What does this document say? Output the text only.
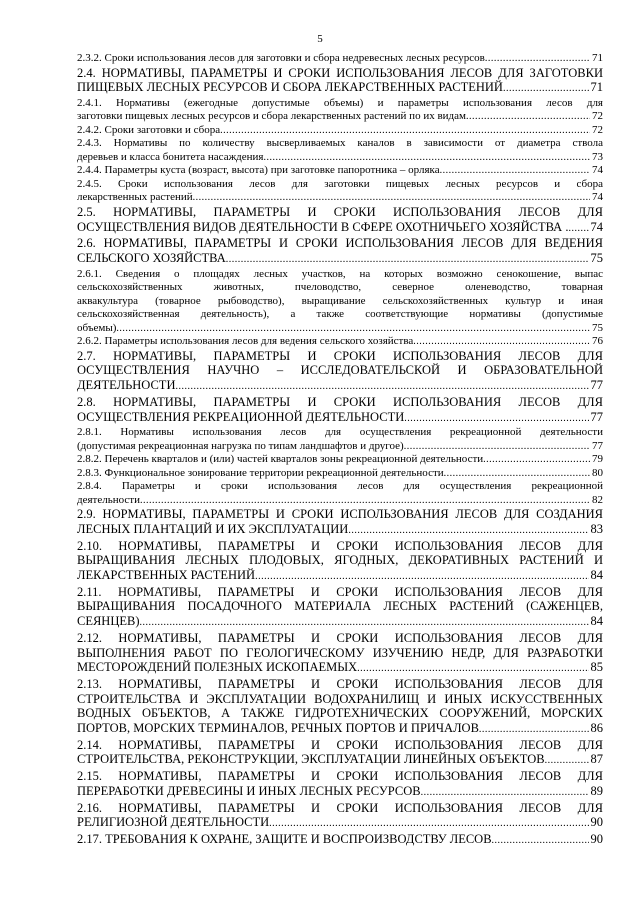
5
2.3.2. Сроки использования лесов для заготовки и сбора недревесных лесных ресурсов .....	71
2.4. НОРМАТИВЫ, ПАРАМЕТРЫ И СРОКИ ИСПОЛЬЗОВАНИЯ ЛЕСОВ ДЛЯ ЗАГОТОВКИ
ПИЩЕВЫХ ЛЕСНЫХ РЕСУРСОВ И СБОРА ЛЕКАРСТВЕННЫХ РАСТЕНИЙ .....	71
2.4.1. Нормативы (ежегодные допустимые объемы) и параметры использования лесов для
заготовки пищевых лесных ресурсов и сбора лекарственных растений по их видам .....	72
2.4.2. Сроки заготовки и сбора .....	72
2.4.3. Нормативы по количеству высверливаемых каналов в зависимости от диаметра ствола
деревьев и класса бонитета насаждения .....	73
2.4.4. Параметры куста (возраст, высота) при заготовке папоротника – орляка .....	74
2.4.5. Сроки использования лесов для заготовки пищевых лесных ресурсов и сбора
лекарственных растений .....	74
2.5. НОРМАТИВЫ, ПАРАМЕТРЫ И СРОКИ ИСПОЛЬЗОВАНИЯ ЛЕСОВ ДЛЯ
ОСУЩЕСТВЛЕНИЯ ВИДОВ ДЕЯТЕЛЬНОСТИ В СФЕРЕ ОХОТНИЧЬЕГО ХОЗЯЙСТВА . ..... 74
2.6. НОРМАТИВЫ, ПАРАМЕТРЫ И СРОКИ ИСПОЛЬЗОВАНИЯ ЛЕСОВ ДЛЯ ВЕДЕНИЯ
СЕЛЬСКОГО ХОЗЯЙСТВА .....	75
2.6.1. Сведения о площадях лесных участков, на которых возможно сенокошение, выпас
сельскохозяйственных животных, пчеловодство, северное оленеводство, товарная
аквакультура (товарное рыбоводство), выращивание сельскохозяйственных культур и иная
сельскохозяйственная деятельность), а также соответствующие нормативы (допустимые
объемы) .....	75
2.6.2. Параметры использования лесов для ведения сельского хозяйства .....	76
2.7. НОРМАТИВЫ, ПАРАМЕТРЫ И СРОКИ ИСПОЛЬЗОВАНИЯ ЛЕСОВ ДЛЯ
ОСУЩЕСТВЛЕНИЯ НАУЧНО – ИССЛЕДОВАТЕЛЬСКОЙ И ОБРАЗОВАТЕЛЬНОЙ
ДЕЯТЕЛЬНОСТИ .....	77
2.8. НОРМАТИВЫ, ПАРАМЕТРЫ И СРОКИ ИСПОЛЬЗОВАНИЯ ЛЕСОВ ДЛЯ
ОСУЩЕСТВЛЕНИЯ РЕКРЕАЦИОННОЙ ДЕЯТЕЛЬНОСТИ .....	77
2.8.1. Нормативы использования лесов для осуществления рекреационной деятельности
(допустимая рекреационная нагрузка по типам ландшафтов и другое) .....	77
2.8.2. Перечень кварталов и (или) частей кварталов зоны рекреационной деятельности .....	79
2.8.3. Функциональное зонирование территории рекреационной деятельности .....	80
2.8.4. Параметры и сроки использования лесов для осуществления рекреационной
деятельности .....	82
2.9. НОРМАТИВЫ, ПАРАМЕТРЫ И СРОКИ ИСПОЛЬЗОВАНИЯ ЛЕСОВ ДЛЯ СОЗДАНИЯ
ЛЕСНЫХ ПЛАНТАЦИЙ И ИХ ЭКСПЛУАТАЦИИ .....	83
2.10. НОРМАТИВЫ, ПАРАМЕТРЫ И СРОКИ ИСПОЛЬЗОВАНИЯ ЛЕСОВ ДЛЯ
ВЫРАЩИВАНИЯ ЛЕСНЫХ ПЛОДОВЫХ, ЯГОДНЫХ, ДЕКОРАТИВНЫХ РАСТЕНИЙ И
ЛЕКАРСТВЕННЫХ РАСТЕНИЙ .....	84
2.11. НОРМАТИВЫ, ПАРАМЕТРЫ И СРОКИ ИСПОЛЬЗОВАНИЯ ЛЕСОВ ДЛЯ
ВЫРАЩИВАНИЯ ПОСАДОЧНОГО МАТЕРИАЛА ЛЕСНЫХ РАСТЕНИЙ (САЖЕНЦЕВ,
СЕЯНЦЕВ) .....	84
2.12. НОРМАТИВЫ, ПАРАМЕТРЫ И СРОКИ ИСПОЛЬЗОВАНИЯ ЛЕСОВ ДЛЯ
ВЫПОЛНЕНИЯ РАБОТ ПО ГЕОЛОГИЧЕСКОМУ ИЗУЧЕНИЮ НЕДР, ДЛЯ РАЗРАБОТКИ
МЕСТОРОЖДЕНИЙ ПОЛЕЗНЫХ ИСКОПАЕМЫХ .....	85
2.13. НОРМАТИВЫ, ПАРАМЕТРЫ И СРОКИ ИСПОЛЬЗОВАНИЯ ЛЕСОВ ДЛЯ
СТРОИТЕЛЬСТВА И ЭКСПЛУАТАЦИИ ВОДОХРАНИЛИЩ И ИНЫХ ИСКУССТВЕННЫХ
ВОДНЫХ ОБЪЕКТОВ, А ТАКЖЕ ГИДРОТЕХНИЧЕСКИХ СООРУЖЕНИЙ, МОРСКИХ
ПОРТОВ, МОРСКИХ ТЕРМИНАЛОВ, РЕЧНЫХ ПОРТОВ И ПРИЧАЛОВ .....	86
2.14. НОРМАТИВЫ, ПАРАМЕТРЫ И СРОКИ ИСПОЛЬЗОВАНИЯ ЛЕСОВ ДЛЯ
СТРОИТЕЛЬСТВА, РЕКОНСТРУКЦИИ, ЭКСПЛУАТАЦИИ ЛИНЕЙНЫХ ОБЪЕКТОВ .....	87
2.15. НОРМАТИВЫ, ПАРАМЕТРЫ И СРОКИ ИСПОЛЬЗОВАНИЯ ЛЕСОВ ДЛЯ
ПЕРЕРАБОТКИ ДРЕВЕСИНЫ И ИНЫХ ЛЕСНЫХ РЕСУРСОВ .....	89
2.16. НОРМАТИВЫ, ПАРАМЕТРЫ И СРОКИ ИСПОЛЬЗОВАНИЯ ЛЕСОВ ДЛЯ
РЕЛИГИОЗНОЙ ДЕЯТЕЛЬНОСТИ .....	90
2.17. ТРЕБОВАНИЯ К ОХРАНЕ, ЗАЩИТЕ И ВОСПРОИЗВОДСТВУ ЛЕСОВ .....	90
